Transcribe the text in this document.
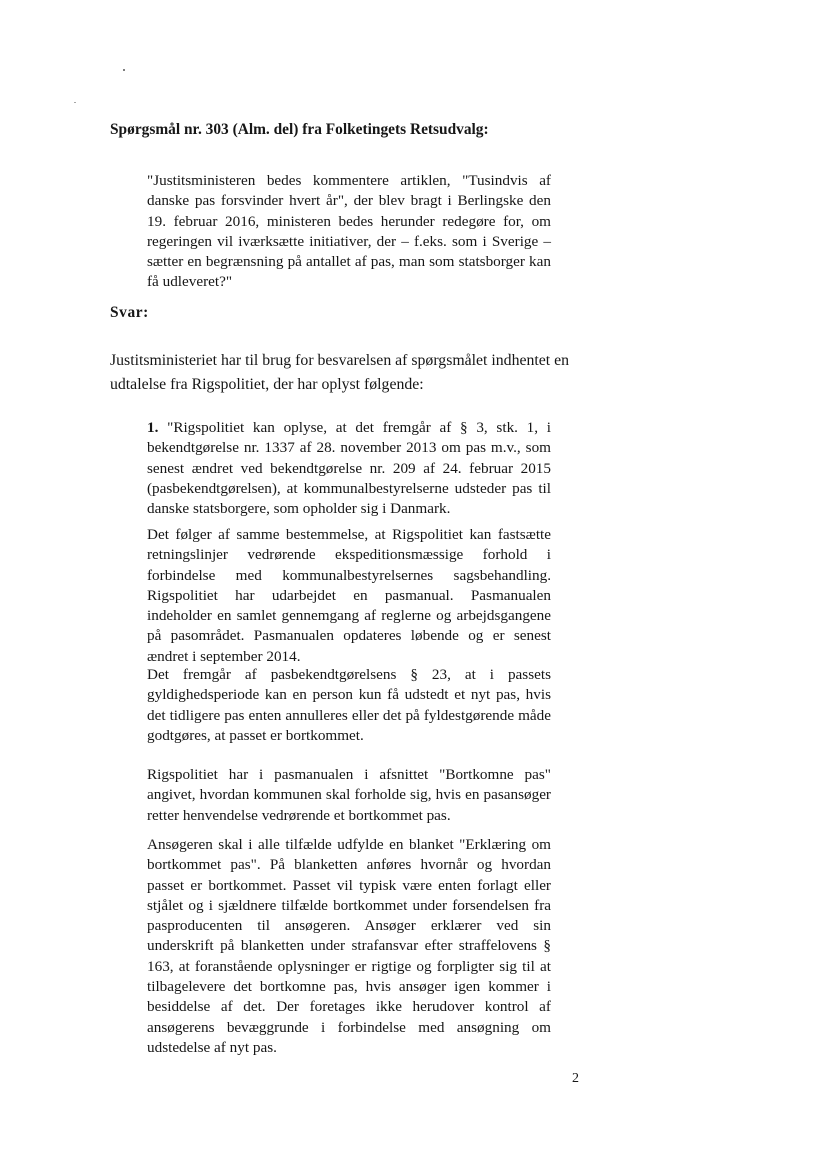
Spørgsmål nr. 303 (Alm. del) fra Folketingets Retsudvalg:
"Justitsministeren bedes kommentere artiklen, "Tusindvis af danske pas forsvinder hvert år", der blev bragt i Berlingske den 19. februar 2016, ministeren bedes herunder redegøre for, om regeringen vil iværksætte initiativer, der – f.eks. som i Sverige – sætter en begrænsning på antallet af pas, man som statsborger kan få udleveret?"
Svar:
Justitsministeriet har til brug for besvarelsen af spørgsmålet indhentet en udtalelse fra Rigspolitiet, der har oplyst følgende:
1. "Rigspolitiet kan oplyse, at det fremgår af § 3, stk. 1, i bekendtgørelse nr. 1337 af 28. november 2013 om pas m.v., som senest ændret ved bekendtgørelse nr. 209 af 24. februar 2015 (pasbekendtgørelsen), at kommunalbestyrelserne udsteder pas til danske statsborgere, som opholder sig i Danmark.
Det følger af samme bestemmelse, at Rigspolitiet kan fastsætte retningslinjer vedrørende ekspeditionsmæssige forhold i forbindelse med kommunalbestyrelsernes sagsbehandling. Rigspolitiet har udarbejdet en pasmanual. Pasmanualen indeholder en samlet gennemgang af reglerne og arbejdsgangene på pasområdet. Pasmanualen opdateres løbende og er senest ændret i september 2014.
Det fremgår af pasbekendtgørelsens § 23, at i passets gyldighedsperiode kan en person kun få udstedt et nyt pas, hvis det tidligere pas enten annulleres eller det på fyldestgørende måde godtgøres, at passet er bortkommet.
Rigspolitiet har i pasmanualen i afsnittet "Bortkomne pas" angivet, hvordan kommunen skal forholde sig, hvis en pasansøger retter henvendelse vedrørende et bortkommet pas.
Ansøgeren skal i alle tilfælde udfylde en blanket "Erklæring om bortkommet pas". På blanketten anføres hvornår og hvordan passet er bortkommet. Passet vil typisk være enten forlagt eller stjålet og i sjældnere tilfælde bortkommet under forsendelsen fra pasproducenten til ansøgeren. Ansøger erklærer ved sin underskrift på blanketten under strafansvar efter straffelovens § 163, at foranstående oplysninger er rigtige og forpligter sig til at tilbagelevere det bortkomne pas, hvis ansøger igen kommer i besiddelse af det. Der foretages ikke herudover kontrol af ansøgerens bevæggrunde i forbindelse med ansøgning om udstedelse af nyt pas.
2
